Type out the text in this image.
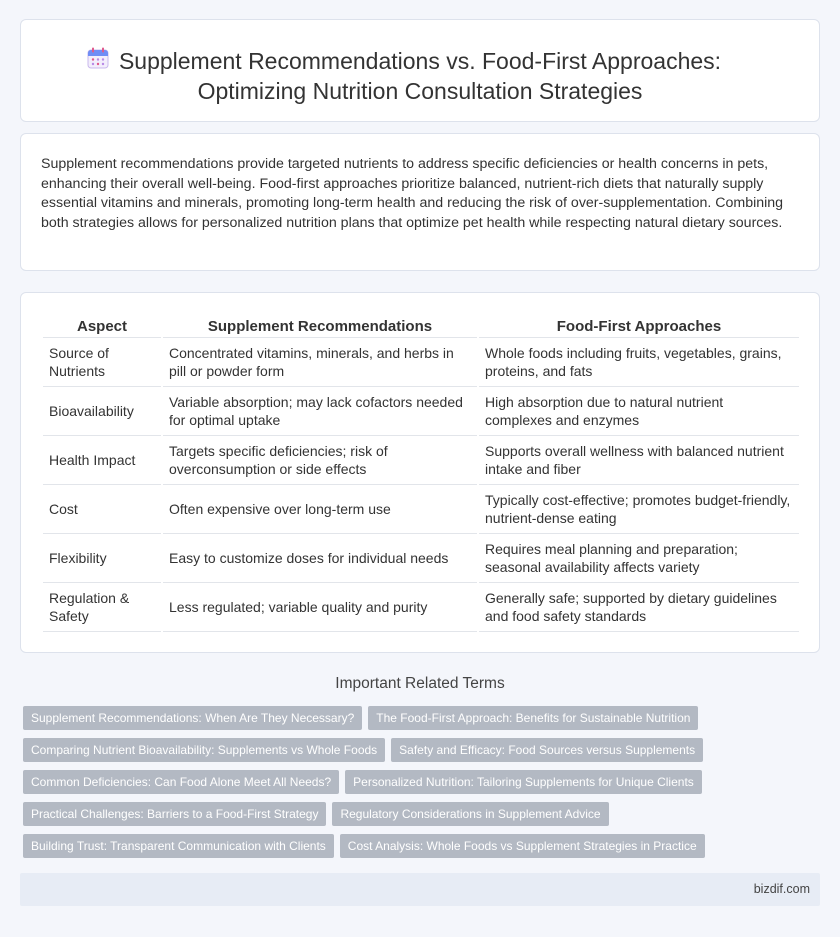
Supplement Recommendations vs. Food-First Approaches:
Optimizing Nutrition Consultation Strategies

Supplement recommendations provide targeted nutrients to address specific deficiencies or health concerns in pets, enhancing their overall well-being. Food-first approaches prioritize balanced, nutrient-rich diets that naturally supply essential vitamins and minerals, promoting long-term health and reducing the risk of over-supplementation. Combining both strategies allows for personalized nutrition plans that optimize pet health while respecting natural dietary sources.

Aspect	Supplement Recommendations	Food-First Approaches
Source of Nutrients	Concentrated vitamins, minerals, and herbs in pill or powder form	Whole foods including fruits, vegetables, grains, proteins, and fats
Bioavailability	Variable absorption; may lack cofactors needed for optimal uptake	High absorption due to natural nutrient complexes and enzymes
Health Impact	Targets specific deficiencies; risk of overconsumption or side effects	Supports overall wellness with balanced nutrient intake and fiber
Cost	Often expensive over long-term use	Typically cost-effective; promotes budget-friendly, nutrient-dense eating
Flexibility	Easy to customize doses for individual needs	Requires meal planning and preparation; seasonal availability affects variety
Regulation & Safety	Less regulated; variable quality and purity	Generally safe; supported by dietary guidelines and food safety standards
Important Related Terms
Supplement Recommendations: When Are They Necessary? The Food-First Approach: Benefits for Sustainable Nutrition
Comparing Nutrient Bioavailability: Supplements vs Whole Foods Safety and Efficacy: Food Sources versus Supplements
Common Deficiencies: Can Food Alone Meet All Needs? Personalized Nutrition: Tailoring Supplements for Unique Clients
Practical Challenges: Barriers to a Food-First Strategy Regulatory Considerations in Supplement Advice
Building Trust: Transparent Communication with Clients Cost Analysis: Whole Foods vs Supplement Strategies in Practice
bizdif.com
